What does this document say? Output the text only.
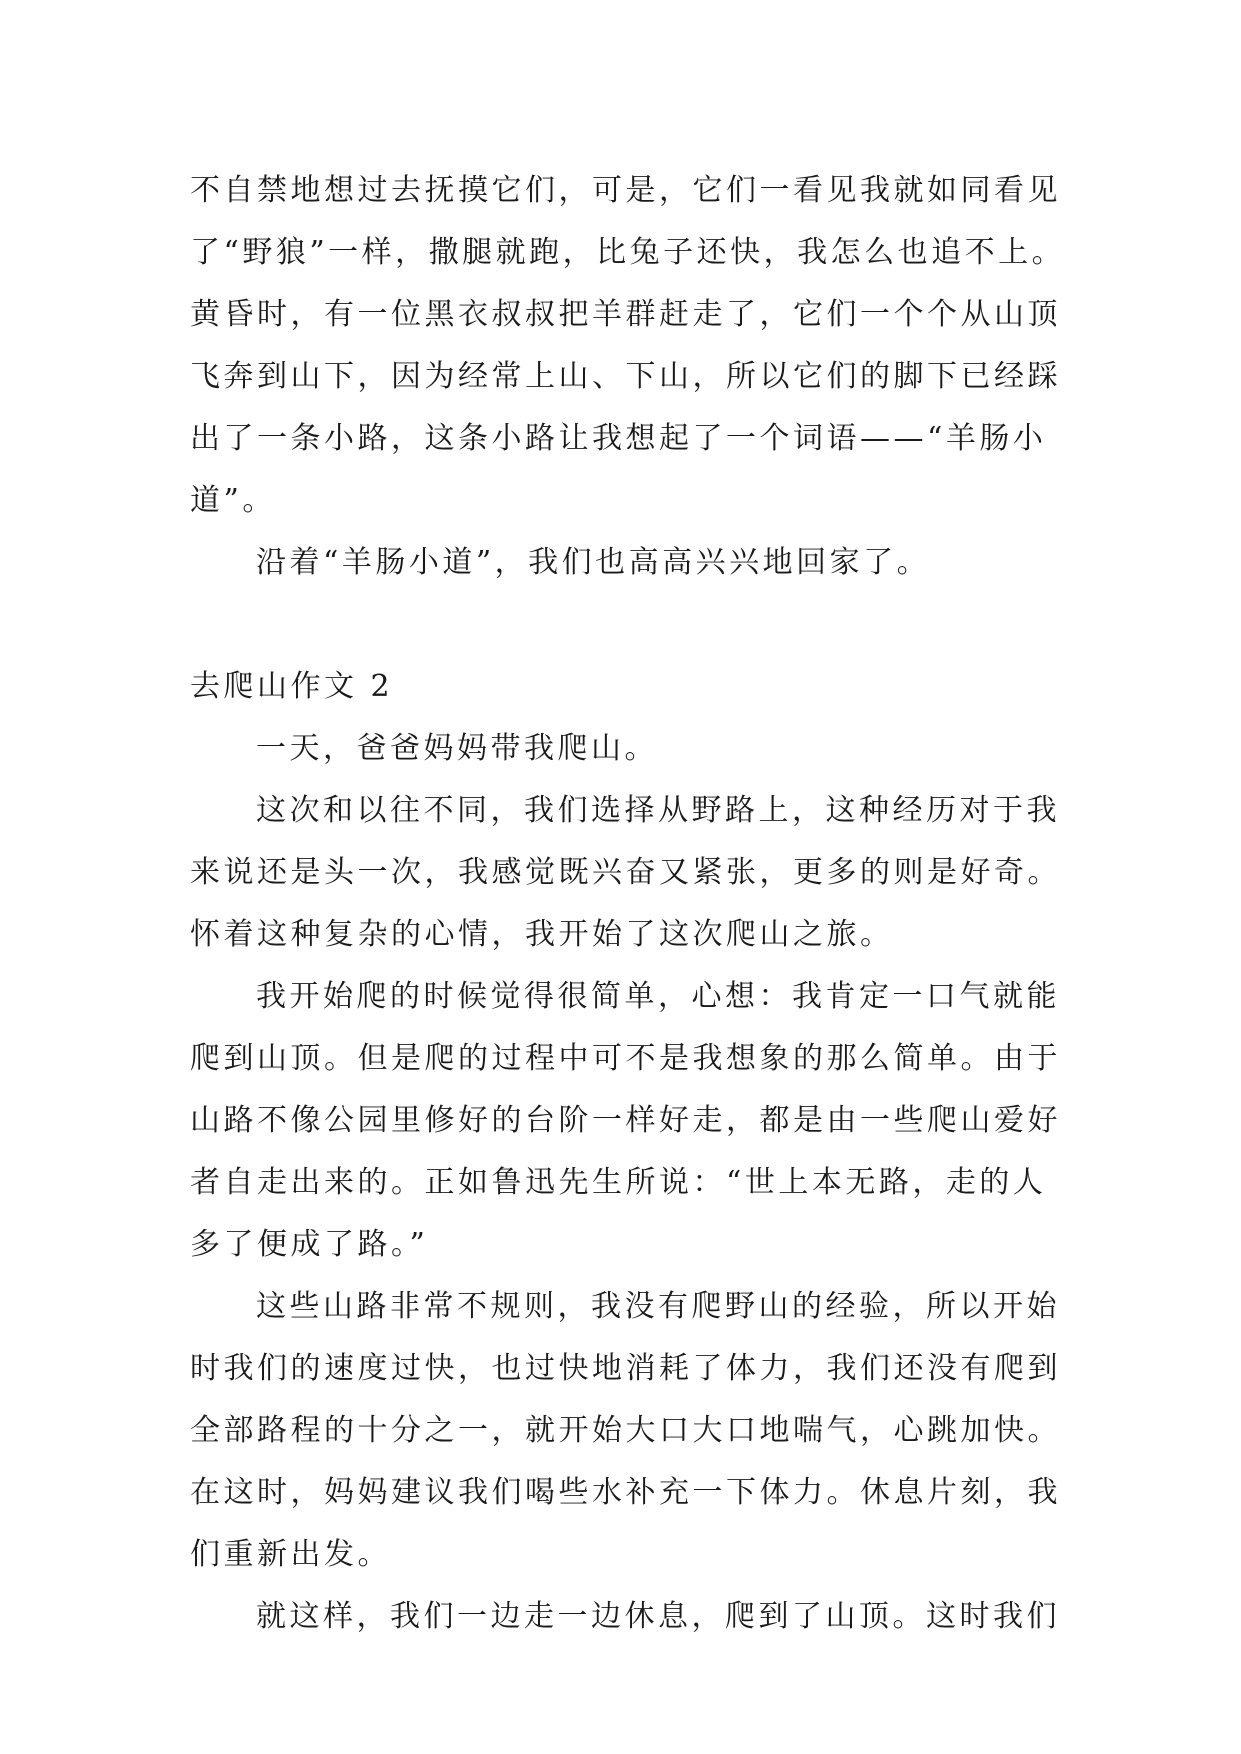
不自禁地想过去抚摸它们，可是，它们一看见我就如同看见
了“野狼”一样，撒腿就跑，比兔子还快，我怎么也追不上。
黄昏时，有一位黑衣叔叔把羊群赶走了，它们一个个从山顶
飞奔到山下，因为经常上山、下山，所以它们的脚下已经踩
出了一条小路，这条小路让我想起了一个词语——“羊肠小
道”。
沿着“羊肠小道”，我们也高高兴兴地回家了。
去爬山作文 2
一天，爸爸妈妈带我爬山。
这次和以往不同，我们选择从野路上，这种经历对于我
来说还是头一次，我感觉既兴奋又紧张，更多的则是好奇。
怀着这种复杂的心情，我开始了这次爬山之旅。
我开始爬的时候觉得很简单，心想：我肯定一口气就能
爬到山顶。但是爬的过程中可不是我想象的那么简单。由于
山路不像公园里修好的台阶一样好走，都是由一些爬山爱好
者自走出来的。正如鲁迅先生所说：“世上本无路，走的人
多了便成了路。”
这些山路非常不规则，我没有爬野山的经验，所以开始
时我们的速度过快，也过快地消耗了体力，我们还没有爬到
全部路程的十分之一，就开始大口大口地喘气，心跳加快。
在这时，妈妈建议我们喝些水补充一下体力。休息片刻，我
们重新出发。
就这样，我们一边走一边休息，爬到了山顶。这时我们
